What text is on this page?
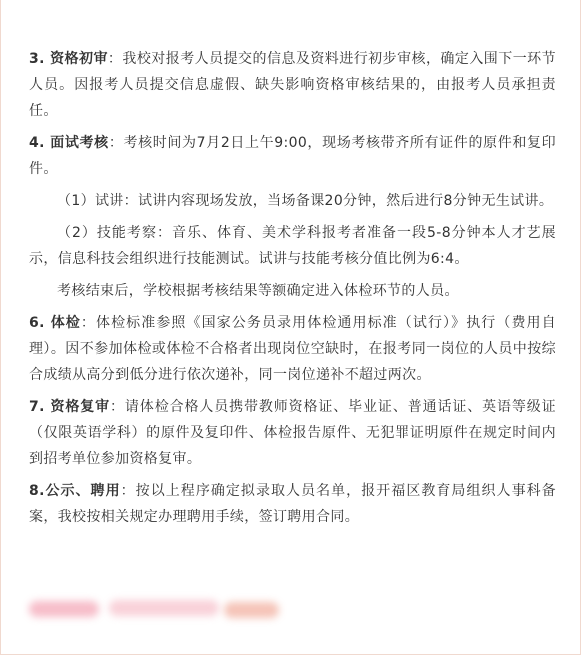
3. 资格初审：我校对报考人员提交的信息及资料进行初步审核，确定入围下一环节人员。因报考人员提交信息虚假、缺失影响资格审核结果的，由报考人员承担责任。

4. 面试考核：考核时间为7月2日上午9:00，现场考核带齐所有证件的原件和复印件。

（1）试讲：试讲内容现场发放，当场备课20分钟，然后进行8分钟无生试讲。

（2）技能考察：音乐、体育、美术学科报考者准备一段5-8分钟本人才艺展示，信息科技会组织进行技能测试。试讲与技能考核分值比例为6:4。

考核结束后，学校根据考核结果等额确定进入体检环节的人员。

6. 体检：体检标准参照《国家公务员录用体检通用标准（试行）》执行（费用自理）。因不参加体检或体检不合格者出现岗位空缺时，在报考同一岗位的人员中按综合成绩从高分到低分进行依次递补，同一岗位递补不超过两次。

7. 资格复审：请体检合格人员携带教师资格证、毕业证、普通话证、英语等级证（仅限英语学科）的原件及复印件、体检报告原件、无犯罪证明原件在规定时间内到招考单位参加资格复审。

8.公示、聘用：按以上程序确定拟录取人员名单，报开福区教育局组织人事科备案，我校按相关规定办理聘用手续，签订聘用合同。
